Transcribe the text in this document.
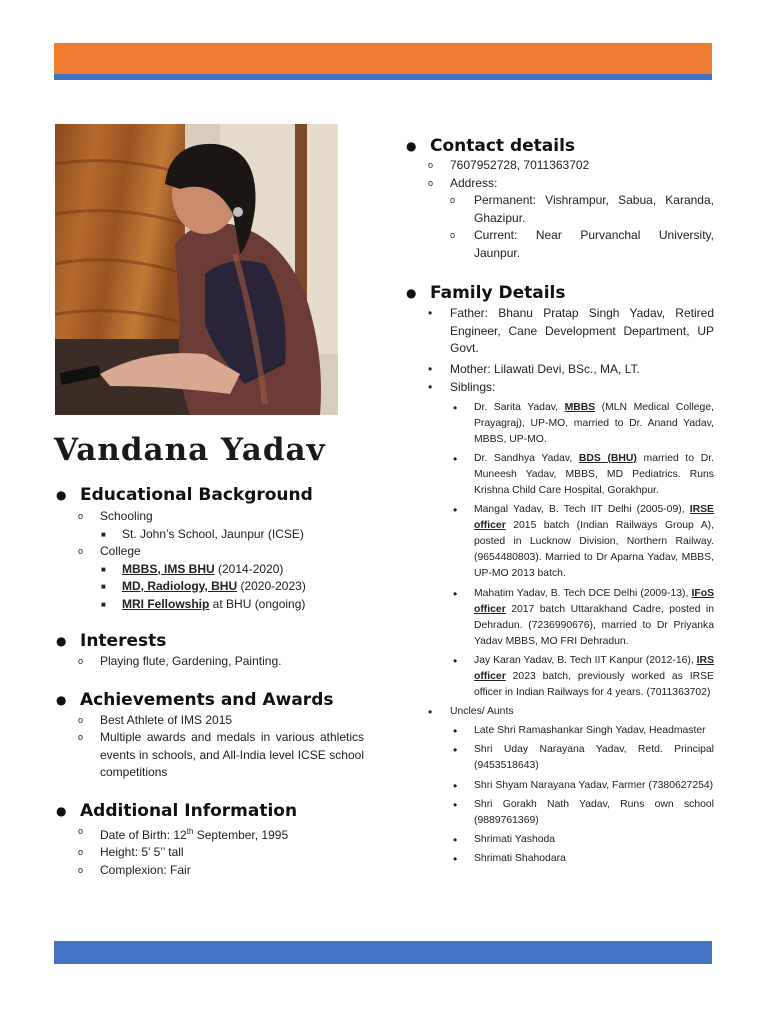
Vandana Yadav
● Educational Background
o Schooling
■ St. John’s School, Jaunpur (ICSE)
o College
■ MBBS, IMS BHU (2014-2020)
■ MD, Radiology, BHU (2020-2023)
■ MRI Fellowship at BHU (ongoing)
● Interests
o Playing flute, Gardening, Painting.
● Achievements and Awards
o Best Athlete of IMS 2015
o Multiple awards and medals in various athletics events in schools, and All-India level ICSE school competitions
● Additional Information
o Date of Birth: 12th September, 1995
o Height: 5’ 5’’ tall
o Complexion: Fair
● Contact details
o 7607952728, 7011363702
o Address:
o Permanent: Vishrampur, Sabua, Karanda, Ghazipur.
o Current: Near Purvanchal University, Jaunpur.
● Family Details
• Father: Bhanu Pratap Singh Yadav, Retired Engineer, Cane Development Department, UP Govt.
• Mother: Lilawati Devi, BSc., MA, LT.
• Siblings:
• Dr. Sarita Yadav, MBBS (MLN Medical College, Prayagraj), UP-MO, married to Dr. Anand Yadav, MBBS, UP-MO.
• Dr. Sandhya Yadav, BDS (BHU) married to Dr. Muneesh Yadav, MBBS, MD Pediatrics. Runs Krishna Child Care Hospital, Gorakhpur.
• Mangal Yadav, B. Tech IIT Delhi (2005-09), IRSE officer 2015 batch (Indian Railways Group A), posted in Lucknow Division, Northern Railway. (9654480803). Married to Dr Aparna Yadav, MBBS, UP-MO 2013 batch.
• Mahatim Yadav, B. Tech DCE Delhi (2009-13), IFoS officer 2017 batch Uttarakhand Cadre, posted in Dehradun. (7236990676), married to Dr Priyanka Yadav MBBS, MO FRI Dehradun.
• Jay Karan Yadav, B. Tech IIT Kanpur (2012-16), IRS officer 2023 batch, previously worked as IRSE officer in Indian Railways for 4 years. (7011363702)
• Uncles/ Aunts
• Late Shri Ramashankar Singh Yadav, Headmaster
• Shri Uday Narayana Yadav, Retd. Principal (9453518643)
• Shri Shyam Narayana Yadav, Farmer (7380627254)
• Shri Gorakh Nath Yadav, Runs own school (9889761369)
• Shrimati Yashoda
• Shrimati Shahodara
